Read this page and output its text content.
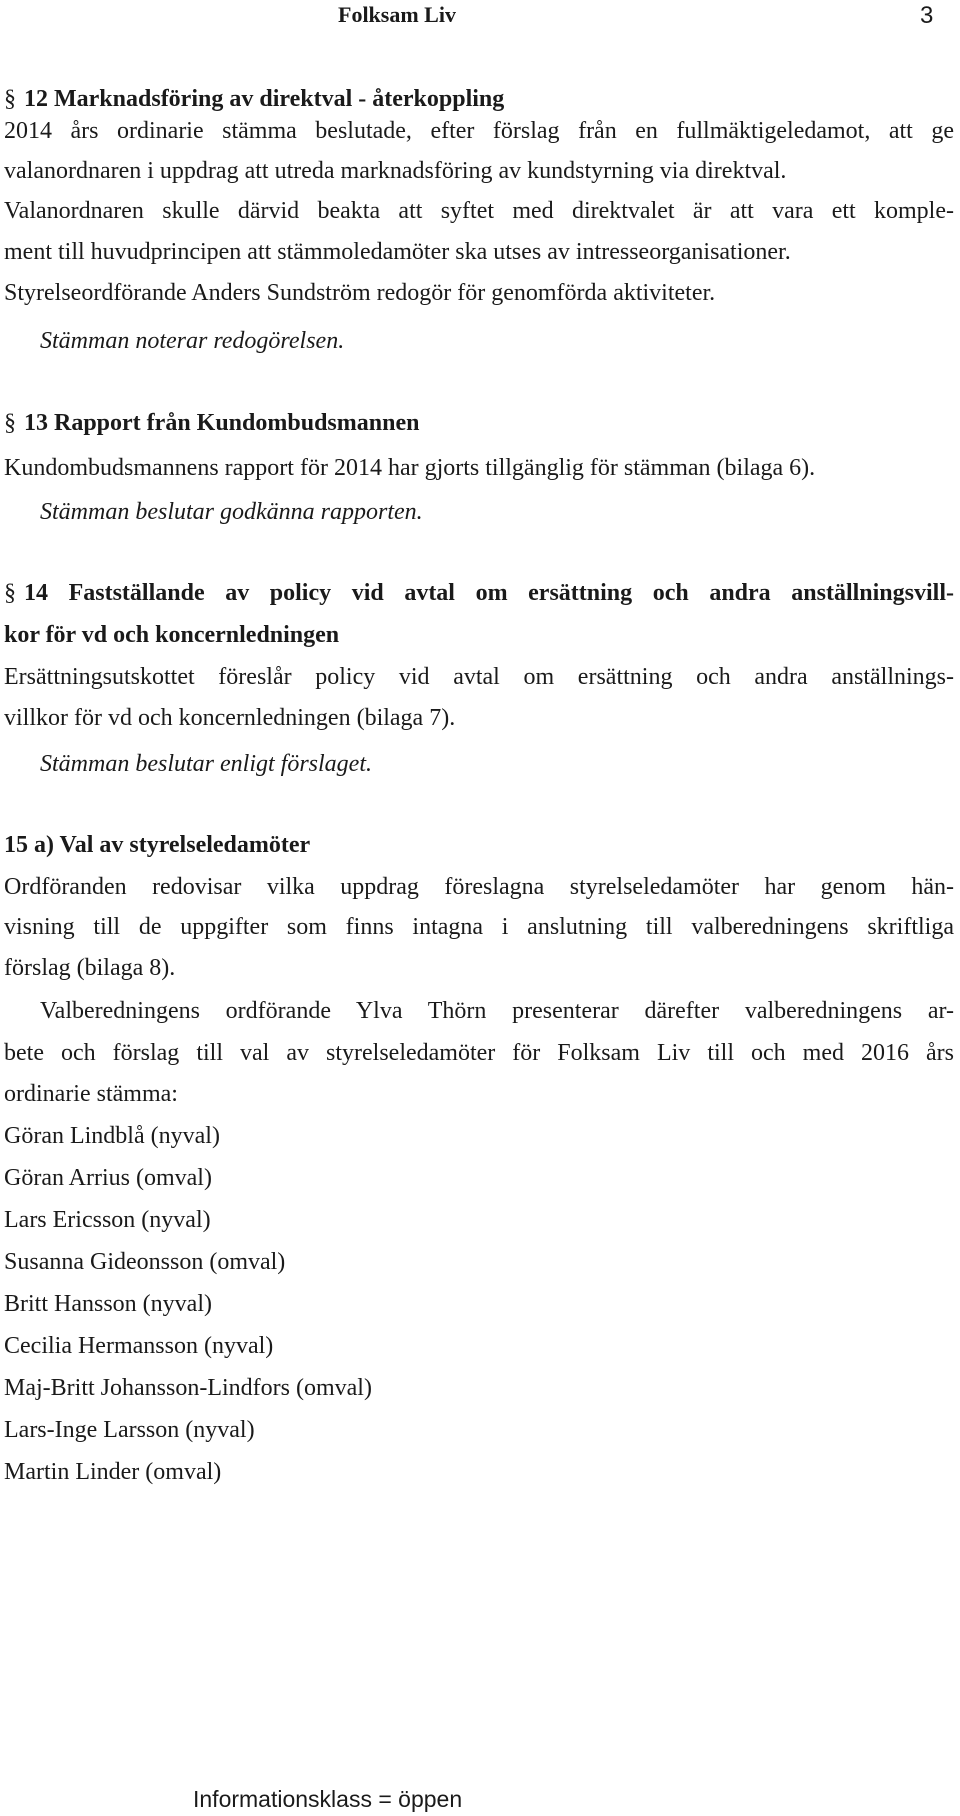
Folksam Liv	3
§ 12 Marknadsföring av direktval - återkoppling
2014 års ordinarie stämma beslutade, efter förslag från en fullmäktigeledamot, att ge
valanordnaren i uppdrag att utreda marknadsföring av kundstyrning via direktval.
Valanordnaren skulle därvid beakta att syftet med direktvalet är att vara ett komple-
ment till huvudprincipen att stämmoledamöter ska utses av intresseorganisationer.
Styrelseordförande Anders Sundström redogör för genomförda aktiviteter.
Stämman noterar redogörelsen.
§ 13 Rapport från Kundombudsmannen
Kundombudsmannens rapport för 2014 har gjorts tillgänglig för stämman (bilaga 6).
Stämman beslutar godkänna rapporten.
§ 14 Fastställande av policy vid avtal om ersättning och andra anställningsvill-
kor för vd och koncernledningen
Ersättningsutskottet föreslår policy vid avtal om ersättning och andra anställnings-
villkor för vd och koncernledningen (bilaga 7).
Stämman beslutar enligt förslaget.
15 a) Val av styrelseledamöter
Ordföranden redovisar vilka uppdrag föreslagna styrelseledamöter har genom hän-
visning till de uppgifter som finns intagna i anslutning till valberedningens skriftliga
förslag (bilaga 8).
Valberedningens ordförande Ylva Thörn presenterar därefter valberedningens ar-
bete och förslag till val av styrelseledamöter för Folksam Liv till och med 2016 års
ordinarie stämma:
Göran Lindblå (nyval)
Göran Arrius (omval)
Lars Ericsson (nyval)
Susanna Gideonsson (omval)
Britt Hansson (nyval)
Cecilia Hermansson (nyval)
Maj-Britt Johansson-Lindfors (omval)
Lars-Inge Larsson (nyval)
Martin Linder (omval)
Informationsklass = öppen
